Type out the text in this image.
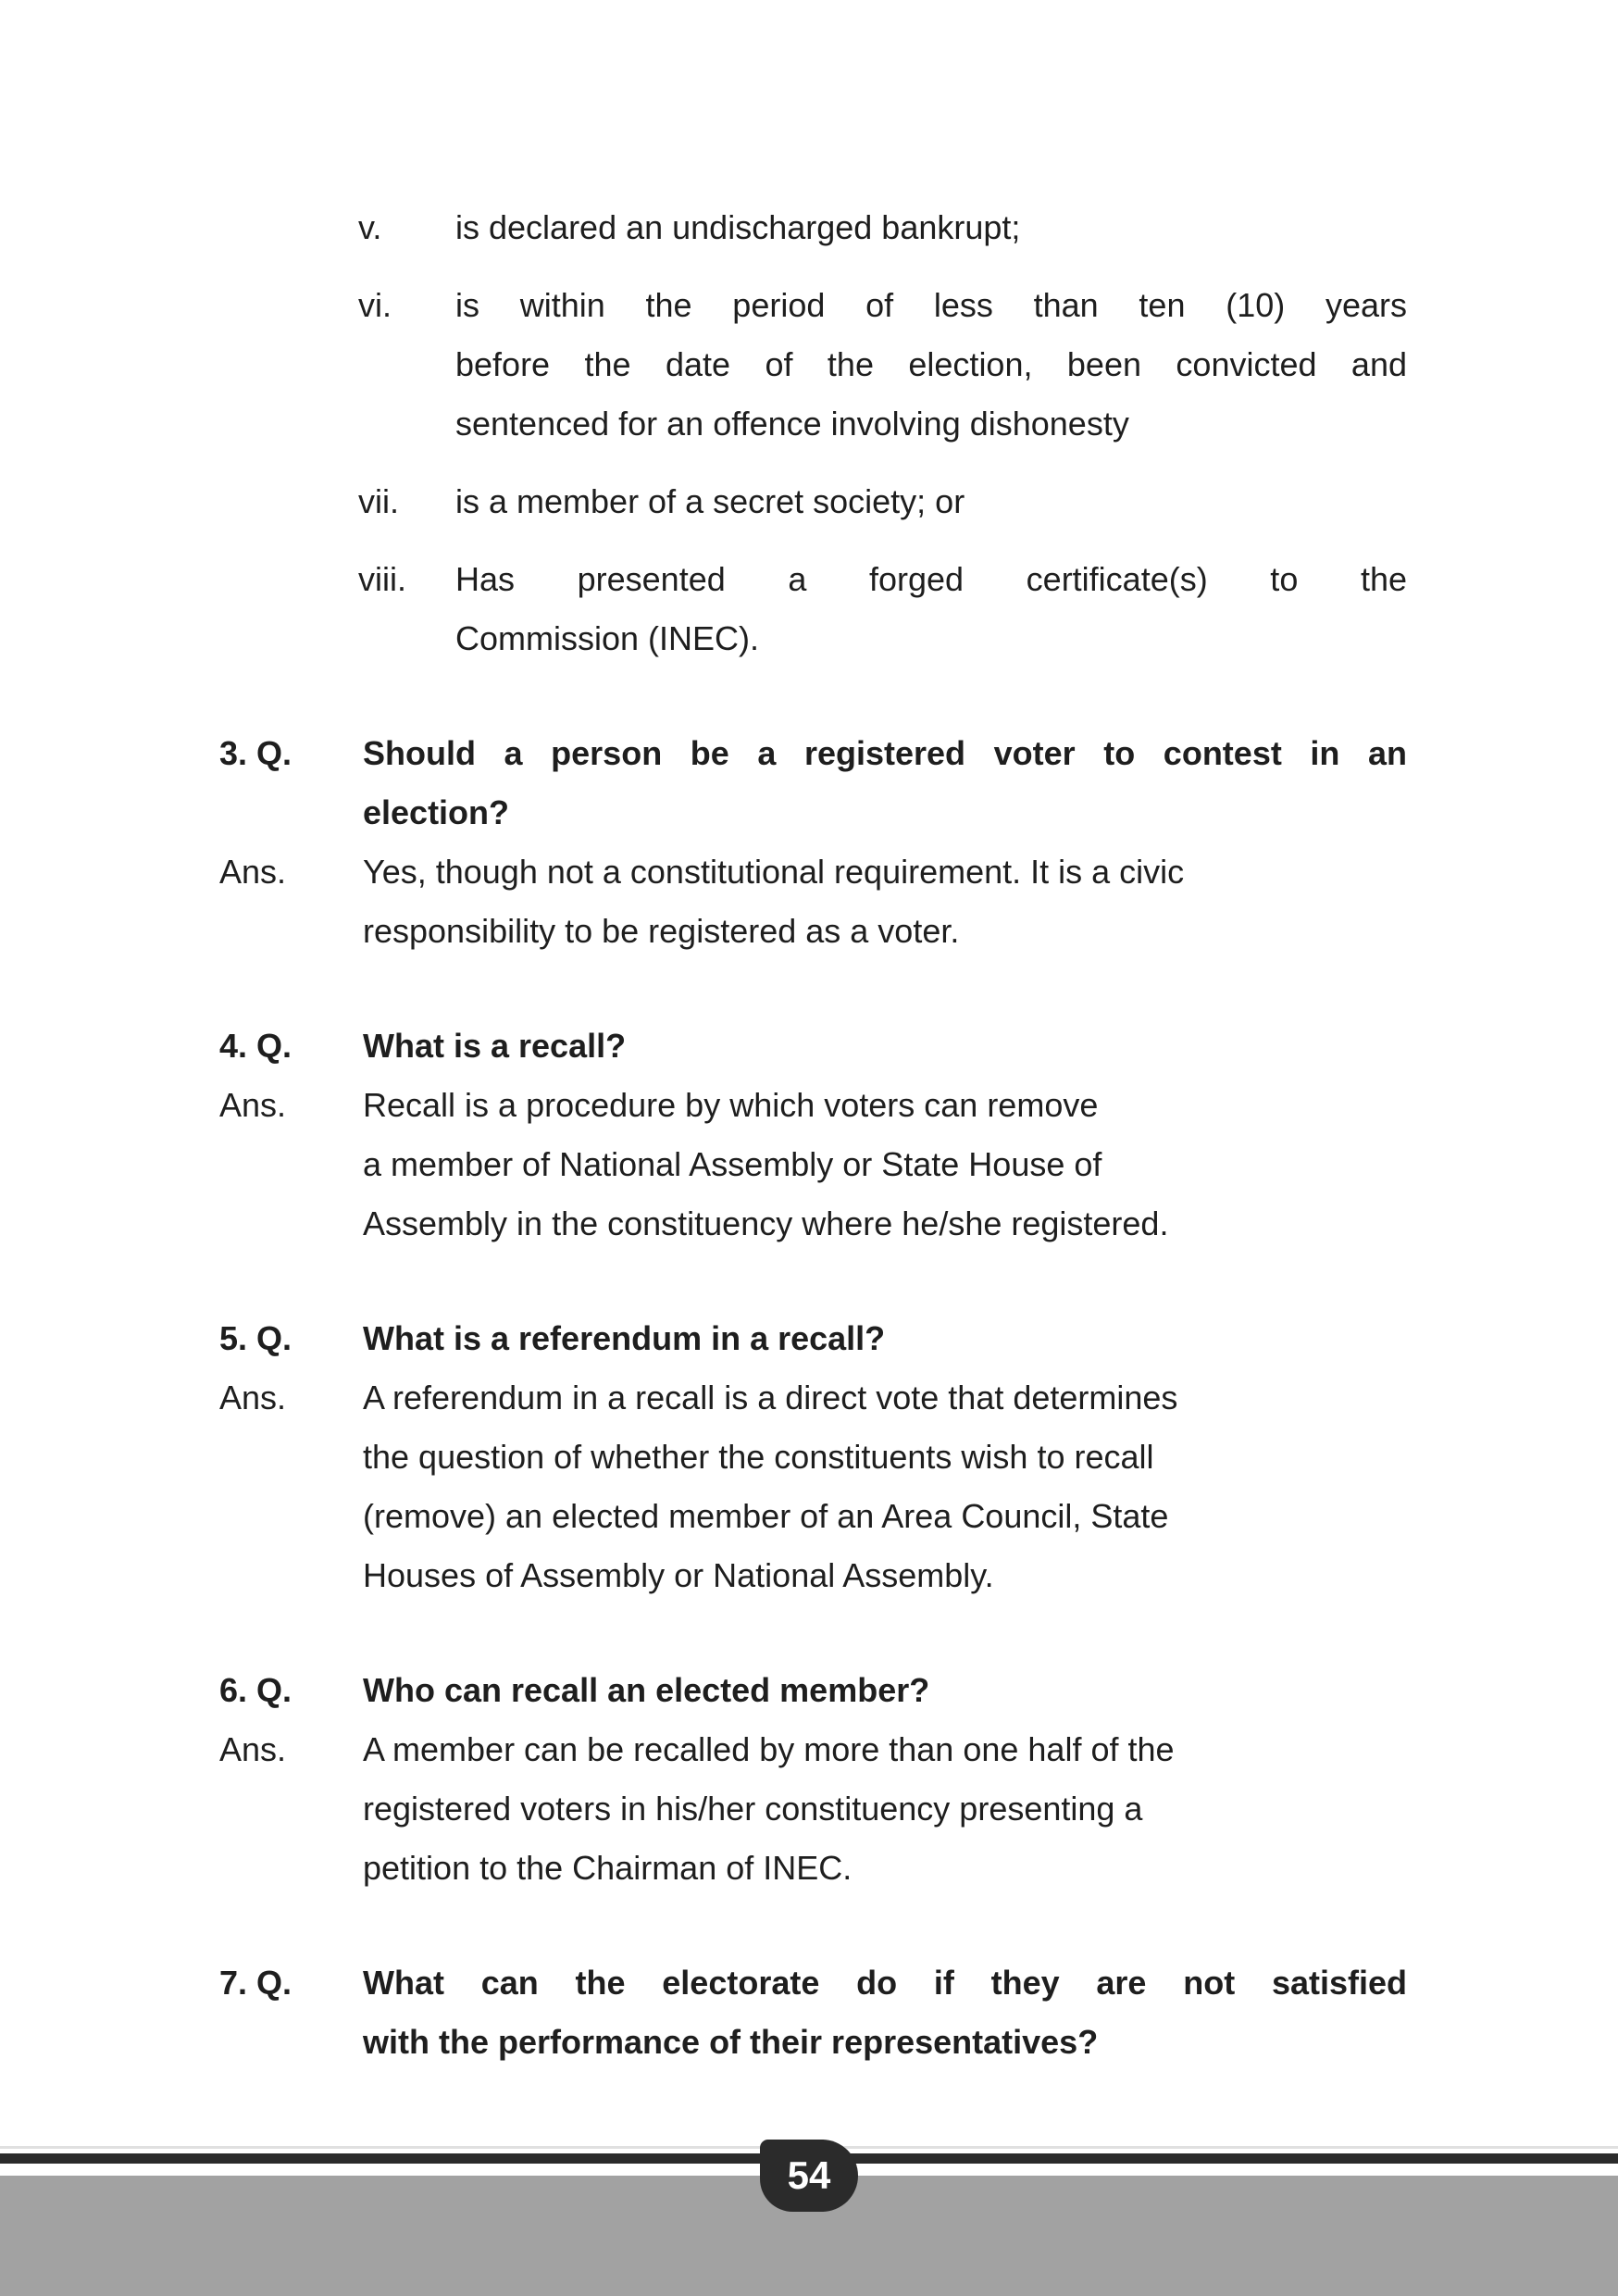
v.	is declared an undischarged bankrupt;
vi.	is within the period of less than ten (10) years
before the date of the election, been convicted and
sentenced for an offence involving dishonesty
vii.	is a member of a secret society; or
viii.	Has presented a forged certificate(s) to the
Commission (INEC).
3. Q.	Should a person be a registered voter to contest in an
election?
Ans.	Yes, though not a constitutional requirement. It is a civic
responsibility to be registered as a voter.
4. Q.	What is a recall?
Ans.	Recall is a procedure by which voters can remove
a member of National Assembly or State House of
Assembly in the constituency where he/she registered.
5. Q.	What is a referendum in a recall?
Ans.	A referendum in a recall is a direct vote that determines
the question of whether the constituents wish to recall
(remove) an elected member of an Area Council, State
Houses of Assembly or National Assembly.
6. Q.	Who can recall an elected member?
Ans.	A member can be recalled by more than one half of the
registered voters in his/her constituency presenting a
petition to the Chairman of INEC.
7. Q.	What can the electorate do if they are not satisfied
with the performance of their representatives?
54
